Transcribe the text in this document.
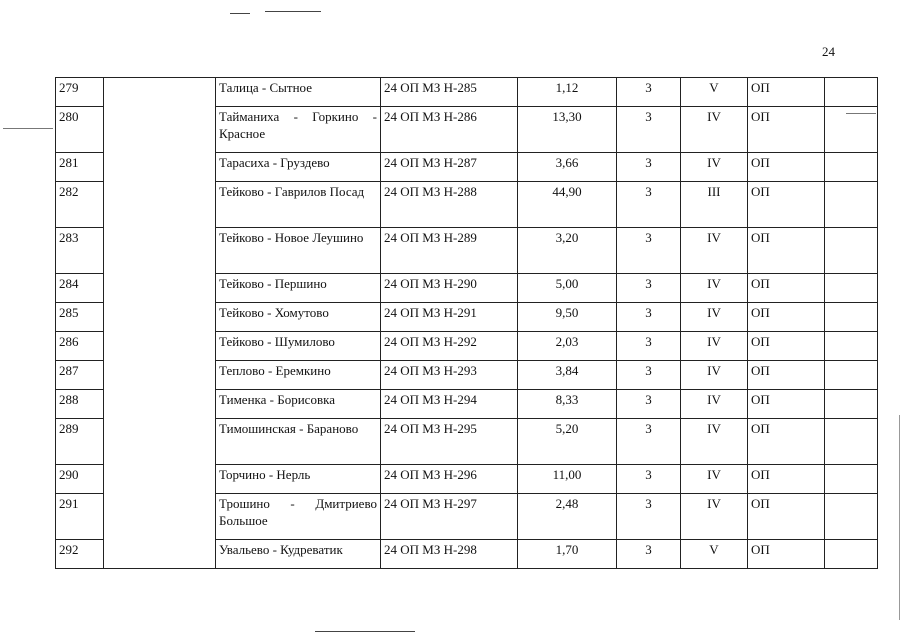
24
279		Талица - Сытное	24 ОП МЗ Н-285	1,12	3	V	ОП	
280		Тайманиха - Горкино - Красное	24 ОП МЗ Н-286	13,30	3	IV	ОП	
281		Тарасиха - Груздево	24 ОП МЗ Н-287	3,66	3	IV	ОП	
282		Тейково - Гаврилов Посад	24 ОП МЗ Н-288	44,90	3	III	ОП	
283		Тейково - Новое Леушино	24 ОП МЗ Н-289	3,20	3	IV	ОП	
284		Тейково - Першино	24 ОП МЗ Н-290	5,00	3	IV	ОП	
285		Тейково - Хомутово	24 ОП МЗ Н-291	9,50	3	IV	ОП	
286		Тейково - Шумилово	24 ОП МЗ Н-292	2,03	3	IV	ОП	
287		Теплово - Еремкино	24 ОП МЗ Н-293	3,84	3	IV	ОП	
288		Тименка - Борисовка	24 ОП МЗ Н-294	8,33	3	IV	ОП	
289		Тимошинская - Бараново	24 ОП МЗ Н-295	5,20	3	IV	ОП	
290		Торчино - Нерль	24 ОП МЗ Н-296	11,00	3	IV	ОП	
291		Трошино - Дмитриево Большое	24 ОП МЗ Н-297	2,48	3	IV	ОП	
292		Увальево - Кудреватик	24 ОП МЗ Н-298	1,70	3	V	ОП	
